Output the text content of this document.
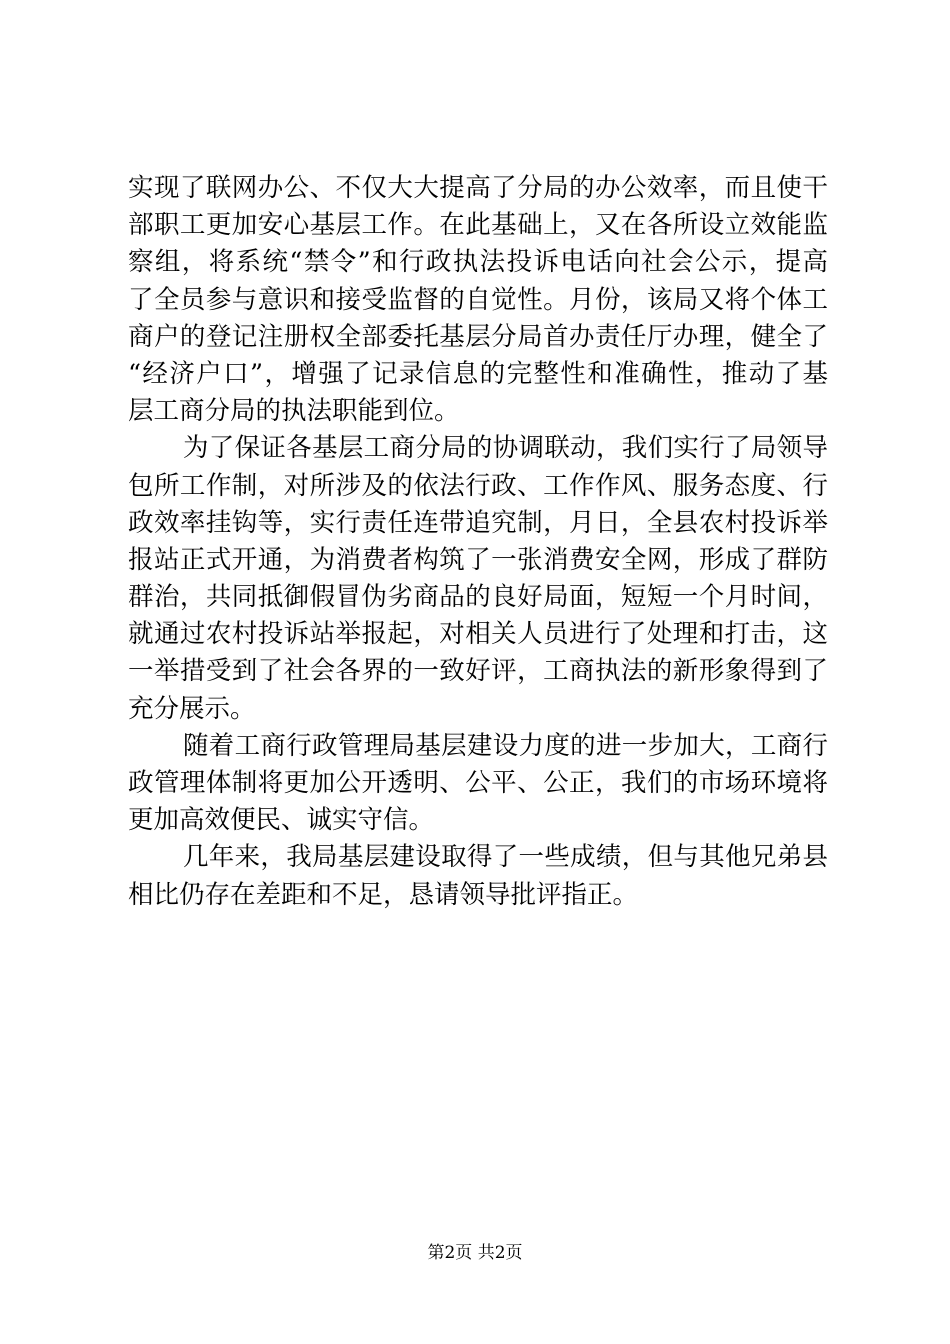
实现了联网办公、不仅大大提高了分局的办公效率，而且使干
部职工更加安心基层工作。在此基础上，又在各所设立效能监
察组，将系统“禁令”和行政执法投诉电话向社会公示，提高
了全员参与意识和接受监督的自觉性。月份，该局又将个体工
商户的登记注册权全部委托基层分局首办责任厅办理，健全了
“经济户口”，增强了记录信息的完整性和准确性，推动了基
层工商分局的执法职能到位。
为了保证各基层工商分局的协调联动，我们实行了局领导
包所工作制，对所涉及的依法行政、工作作风、服务态度、行
政效率挂钩等，实行责任连带追究制，月日，全县农村投诉举
报站正式开通，为消费者构筑了一张消费安全网，形成了群防
群治，共同抵御假冒伪劣商品的良好局面，短短一个月时间，
就通过农村投诉站举报起，对相关人员进行了处理和打击，这
一举措受到了社会各界的一致好评，工商执法的新形象得到了
充分展示。
随着工商行政管理局基层建设力度的进一步加大，工商行
政管理体制将更加公开透明、公平、公正，我们的市场环境将
更加高效便民、诚实守信。
几年来，我局基层建设取得了一些成绩，但与其他兄弟县
相比仍存在差距和不足，恳请领导批评指正。
第2页 共2页
